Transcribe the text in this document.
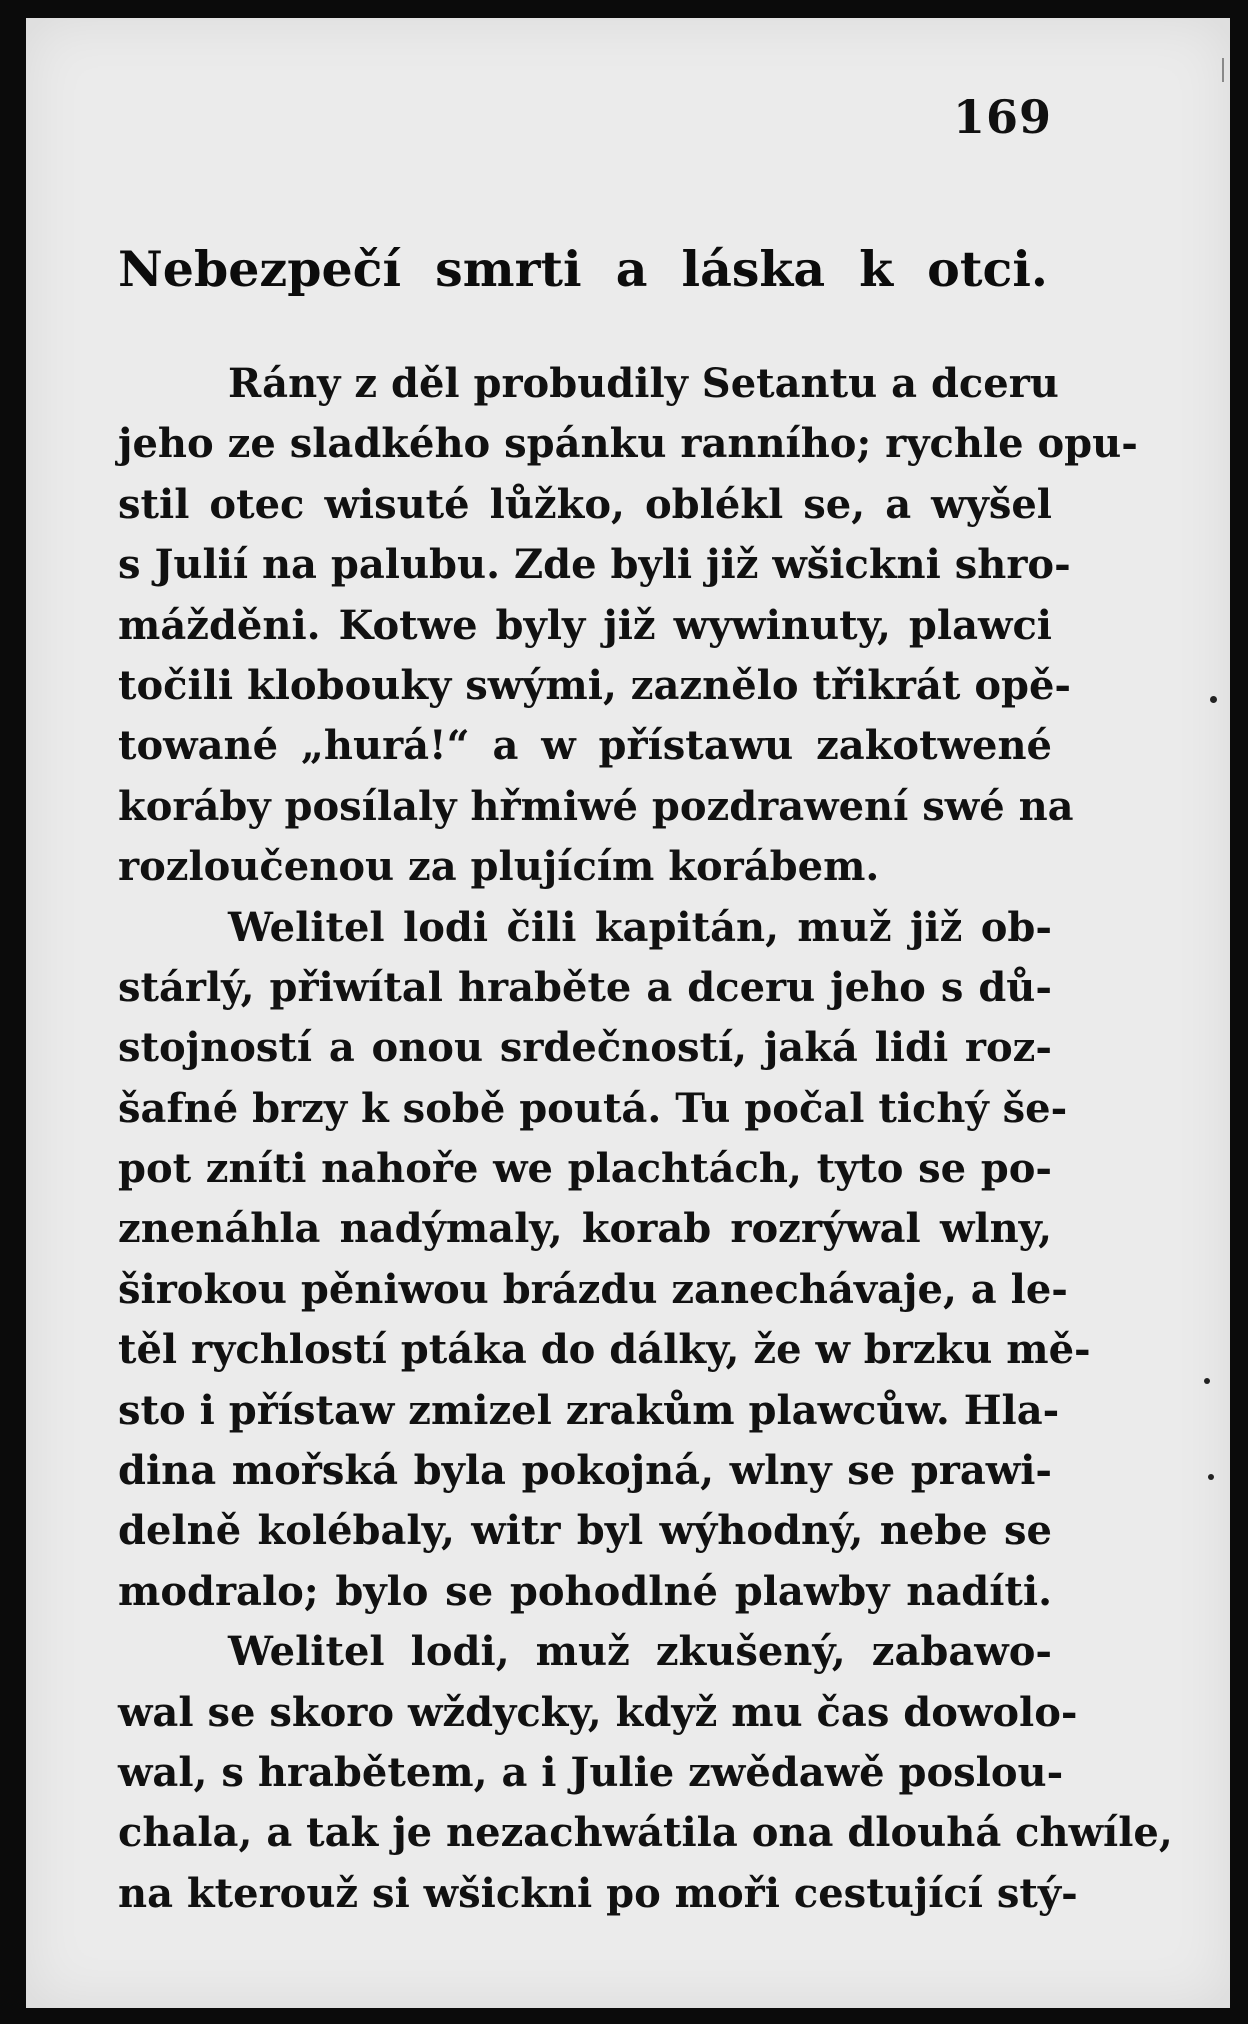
169
Nebezpečí smrti a láska k otci.
Rány z děl probudily Setantu a dceru
jeho ze sladkého spánku ranního; rychle opu-
stil otec wisuté lůžko, oblékl se, a wyšel
s Julií na palubu. Zde byli již wšickni shro-
mážděni. Kotwe byly již wywinuty, plawci
točili klobouky swými, zaznělo třikrát opě-
towané „hurá!“ a w přístawu zakotwené
koráby posílaly hřmiwé pozdrawení swé na
rozloučenou za plujícím korábem.
Welitel lodi čili kapitán, muž již ob-
stárlý, přiwítal hraběte a dceru jeho s dů-
stojností a onou srdečností, jaká lidi roz-
šafné brzy k sobě poutá. Tu počal tichý še-
pot zníti nahoře we plachtách, tyto se po-
znenáhla nadýmaly, korab rozrýwal wlny,
širokou pěniwou brázdu zanechávaje, a le-
těl rychlostí ptáka do dálky, že w brzku mě-
sto i přístaw zmizel zrakům plawcůw. Hla-
dina mořská byla pokojná, wlny se prawi-
delně kolébaly, witr byl wýhodný, nebe se
modralo; bylo se pohodlné plawby nadíti.
Welitel lodi, muž zkušený, zabawo-
wal se skoro wždycky, když mu čas dowolo-
wal, s hrabětem, a i Julie zwědawě poslou-
chala, a tak je nezachwátila ona dlouhá chwíle,
na kterouž si wšickni po moři cestující stý-
